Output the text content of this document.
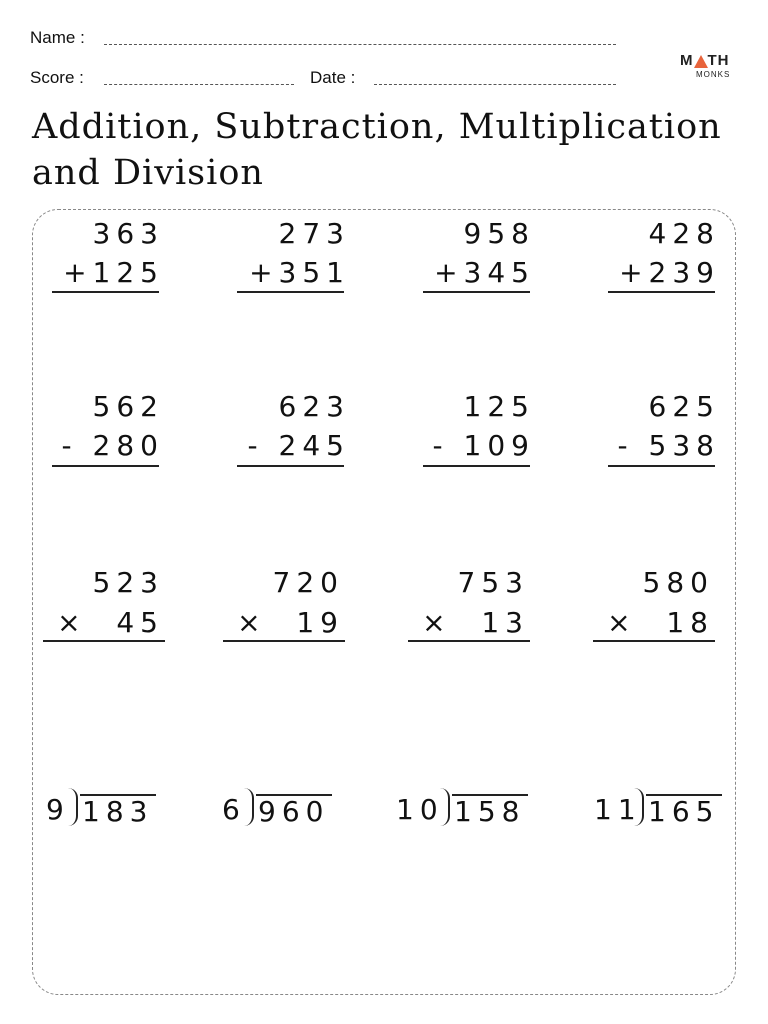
Name :
Score :	Date :
M TH
MONKS
Addition, Subtraction, Multiplication
and Division
363
+125
273
+351
958
+345
428
+239
562
- 280
623
- 245
125
- 109
625
- 538
523
×  45
720
×  19
753
×  13
580
×  18

9

183

6

960

10

158

11

165
